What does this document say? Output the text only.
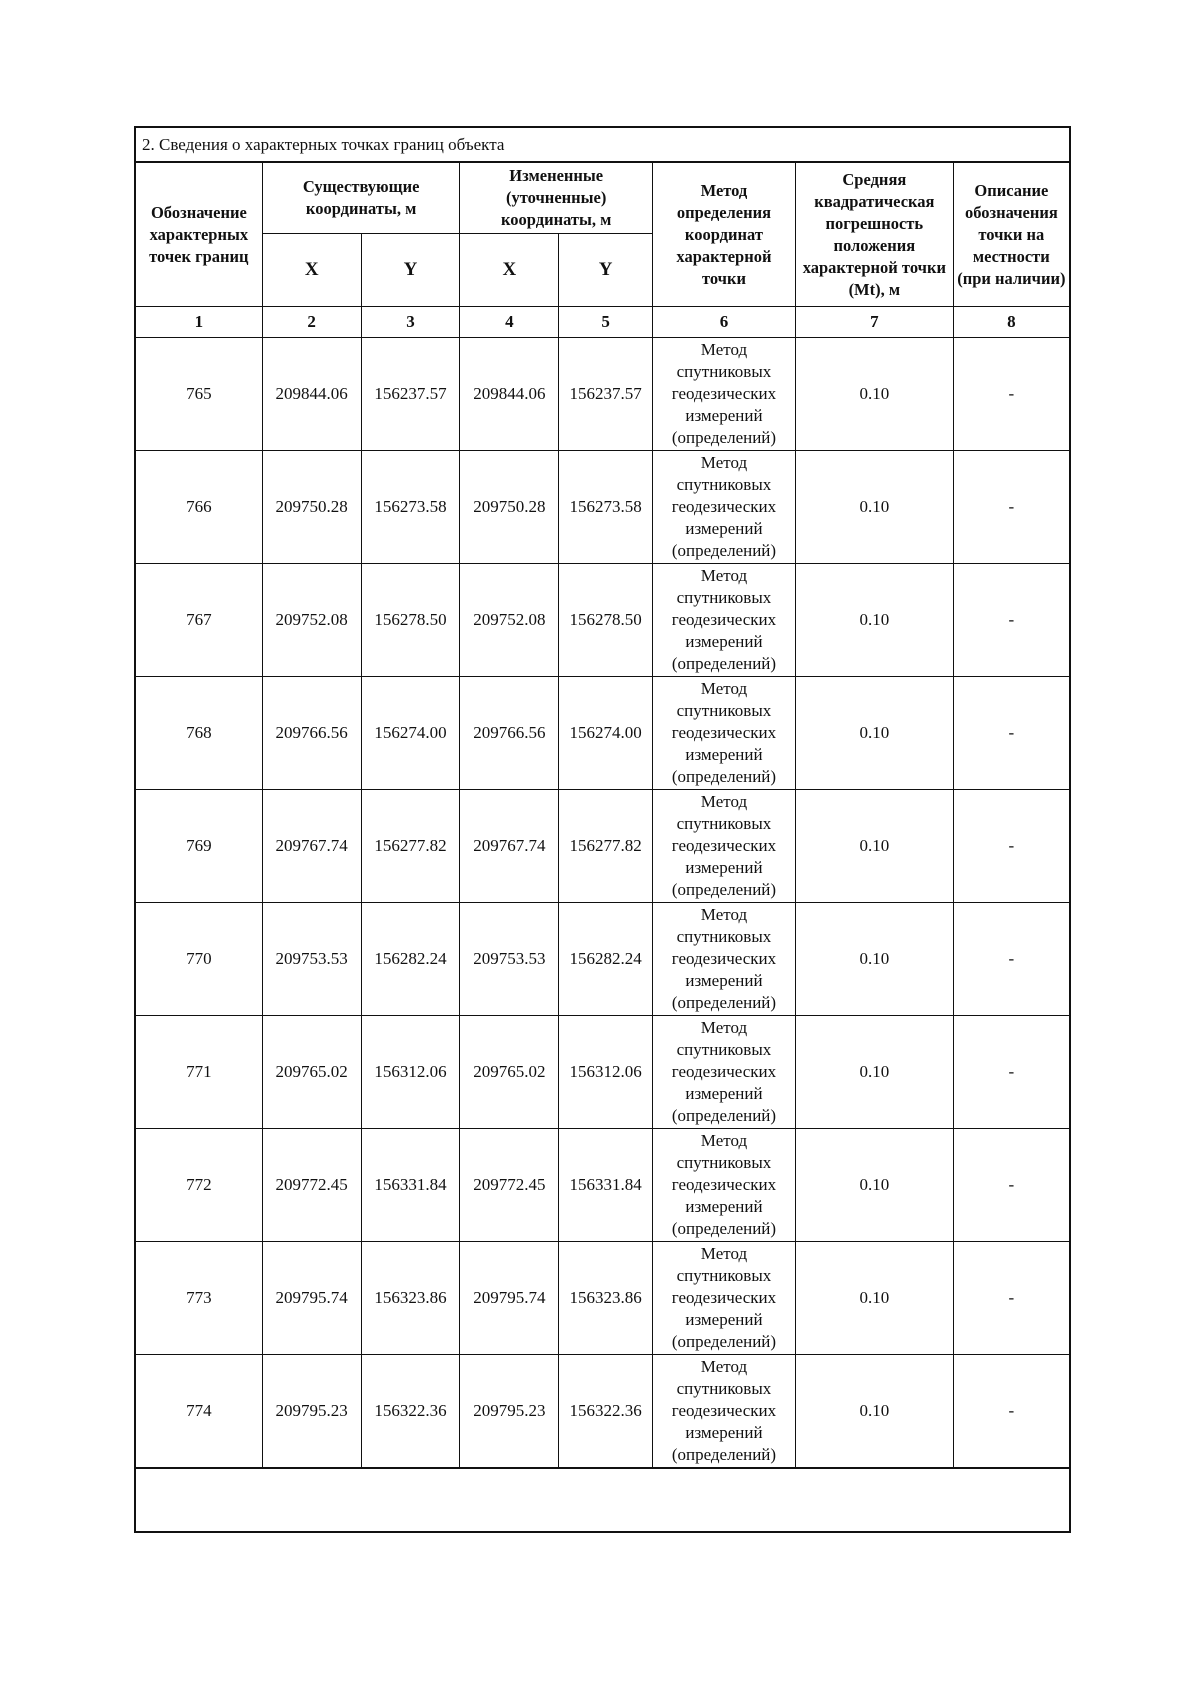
2. Сведения о характерных точках границ объекта
Обозначение характерных точек границ	Существующие координаты, м		Измененные (уточненные) координаты, м		Метод определения координат характерной точки	Средняя квадратическая погрешность положения характерной точки (Mt), м	Описание обозначения точки на местности (при наличии)
	X	Y	X	Y			
1	2	3	4	5	6	7	8
765	209844.06	156237.57	209844.06	156237.57	Метод
спутниковых
геодезических
измерений
(определений)	0.10	-
766	209750.28	156273.58	209750.28	156273.58	Метод
спутниковых
геодезических
измерений
(определений)	0.10	-
767	209752.08	156278.50	209752.08	156278.50	Метод
спутниковых
геодезических
измерений
(определений)	0.10	-
768	209766.56	156274.00	209766.56	156274.00	Метод
спутниковых
геодезических
измерений
(определений)	0.10	-
769	209767.74	156277.82	209767.74	156277.82	Метод
спутниковых
геодезических
измерений
(определений)	0.10	-
770	209753.53	156282.24	209753.53	156282.24	Метод
спутниковых
геодезических
измерений
(определений)	0.10	-
771	209765.02	156312.06	209765.02	156312.06	Метод
спутниковых
геодезических
измерений
(определений)	0.10	-
772	209772.45	156331.84	209772.45	156331.84	Метод
спутниковых
геодезических
измерений
(определений)	0.10	-
773	209795.74	156323.86	209795.74	156323.86	Метод
спутниковых
геодезических
измерений
(определений)	0.10	-
774	209795.23	156322.36	209795.23	156322.36	Метод
спутниковых
геодезических
измерений
(определений)	0.10	-
